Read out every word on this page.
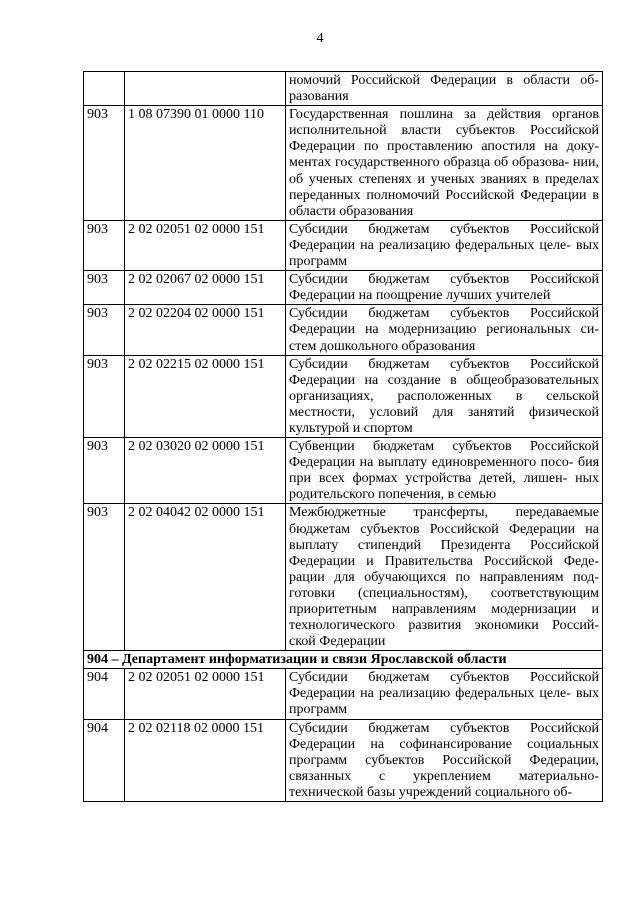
4
		номочий Российской Федерации в области об- разования
903	1 08 07390 01 0000 110	Государственная пошлина за действия органов исполнительной власти субъектов Российской Федерации по проставлению апостиля на доку- ментах государственного образца об образова- нии, об ученых степенях и ученых званиях в пределах переданных полномочий Российской Федерации в области образования
903	2 02 02051 02 0000 151	Субсидии бюджетам субъектов Российской Федерации на реализацию федеральных целе- вых программ
903	2 02 02067 02 0000 151	Субсидии бюджетам субъектов Российской Федерации на поощрение лучших учителей
903	2 02 02204 02 0000 151	Субсидии бюджетам субъектов Российской Федерации на модернизацию региональных си- стем дошкольного образования
903	2 02 02215 02 0000 151	Субсидии бюджетам субъектов Российской Федерации на создание в общеобразовательных организациях, расположенных в сельской местности, условий для занятий физической культурой и спортом
903	2 02 03020 02 0000 151	Субвенции бюджетам субъектов Российской Федерации на выплату единовременного посо- бия при всех формах устройства детей, лишен- ных родительского попечения, в семью
903	2 02 04042 02 0000 151	Межбюджетные трансферты, передаваемые бюджетам субъектов Российской Федерации на выплату стипендий Президента Российской Федерации и Правительства Российской Феде- рации для обучающихся по направлениям под- готовки (специальностям), соответствующим приоритетным направлениям модернизации и технологического развития экономики Россий- ской Федерации
904 – Департамент информатизации и связи Ярославской области		
904	2 02 02051 02 0000 151	Субсидии бюджетам субъектов Российской Федерации на реализацию федеральных целе- вых программ
904	2 02 02118 02 0000 151	Субсидии бюджетам субъектов Российской Федерации на софинансирование социальных программ субъектов Российской Федерации, связанных с укреплением материально- технической базы учреждений социального об-
